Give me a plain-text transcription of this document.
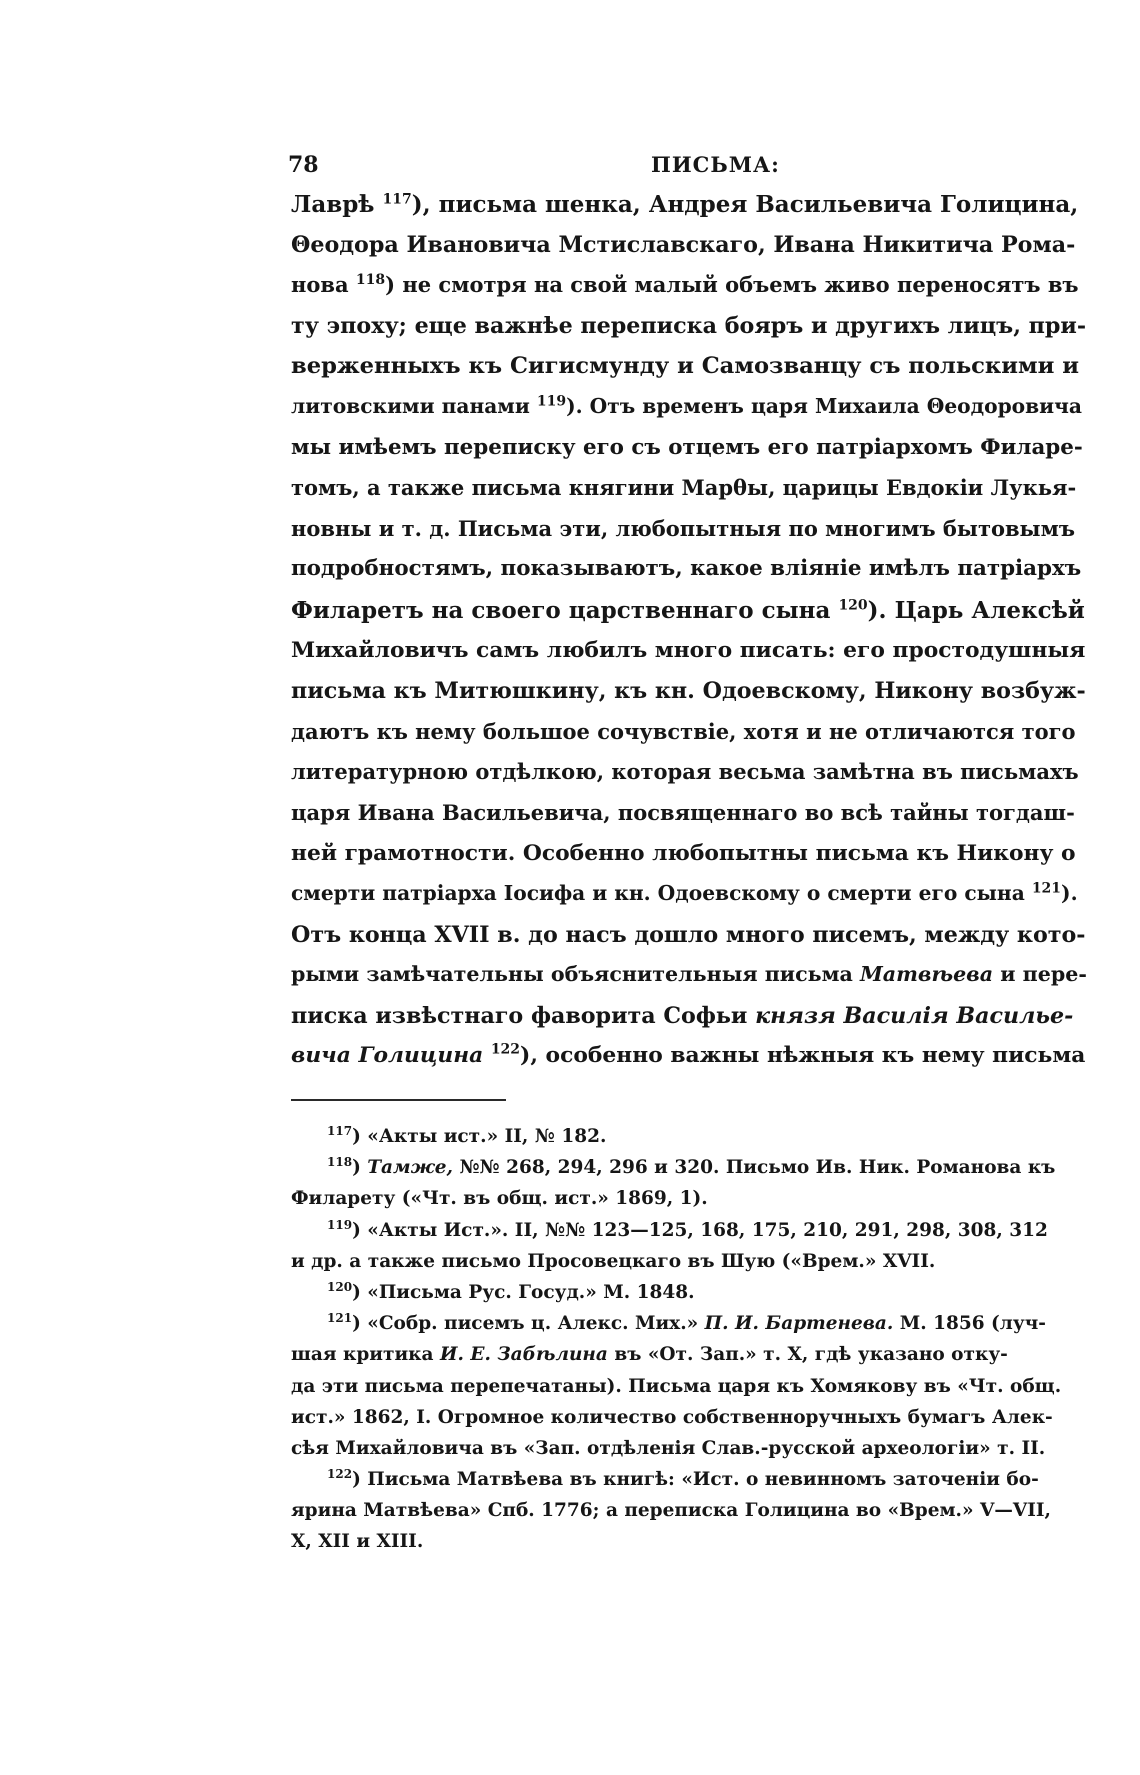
78	ПИСЬМА:
Лаврѣ $^{117}$), письма шенка, Андрея Васильевича Голицина,
Θеодора Ивановича Мстиславскаго, Ивана Никитича Рома-
нова $^{118}$) не смотря на свой малый объемъ живо переносятъ въ
ту эпоху; еще важнѣе переписка бояръ и другихъ лицъ, при-
верженныхъ къ Сигисмунду и Самозванцу съ польскими и
литовскими панами $^{119}$). Отъ временъ царя Михаила Θеодоровича
мы имѣемъ переписку его съ отцемъ его патріархомъ Филаре-
томъ, а также письма княгини Марθы, царицы Евдокіи Лукья-
новны и т. д. Письма эти, любопытныя по многимъ бытовымъ
подробностямъ, показываютъ, какое вліяніе имѣлъ патріархъ
Филаретъ на своего царственнаго сына $^{120}$). Царь Алексѣй
Михайловичъ самъ любилъ много писать: его простодушныя
письма къ Митюшкину, къ кн. Одоевскому, Никону возбуж-
даютъ къ нему большое сочувствіе, хотя и не отличаются того
литературною отдѣлкою, которая весьма замѣтна въ письмахъ
царя Ивана Васильевича, посвященнаго во всѣ тайны тогдаш-
ней грамотности. Особенно любопытны письма къ Никону о
смерти патріарха Іосифа и кн. Одоевскому о смерти его сына $^{121}$).
Отъ конца XVII в. до насъ дошло много писемъ, между кото-
рыми замѣчательны объяснительныя письма Матвѣева и пере-
писка извѣстнаго фаворита Софьи князя Василія Василье-
вича Голицина $^{122}$), особенно важны нѣжныя къ нему письма
$^{117}$) «Акты ист.» II, № 182.
$^{118}$) Тамже, №№ 268, 294, 296 и 320. Письмо Ив. Ник. Романова къ
Филарету («Чт. въ общ. ист.» 1869, 1).
$^{119}$) «Акты Ист.». II, №№ 123—125, 168, 175, 210, 291, 298, 308, 312
и др. а также письмо Просовецкаго въ Шую («Врем.» XVII.
$^{120}$) «Письма Рус. Госуд.» М. 1848.
$^{121}$) «Собр. писемъ ц. Алекс. Мих.» П. И. Бартенева. М. 1856 (луч-
шая критика И. Е. Забѣлина въ «От. Зап.» т. X, гдѣ указано отку-
да эти письма перепечатаны). Письма царя къ Хомякову въ «Чт. общ.
ист.» 1862, I. Огромное количество собственноручныхъ бумагъ Алек-
сѣя Михайловича въ «Зап. отдѣленія Слав.-русской археологіи» т. II.
$^{122}$) Письма Матвѣева въ книгѣ: «Ист. о невинномъ заточеніи бо-
ярина Матвѣева» Спб. 1776; а переписка Голицина во «Врем.» V—VII,
X, XII и XIII.
